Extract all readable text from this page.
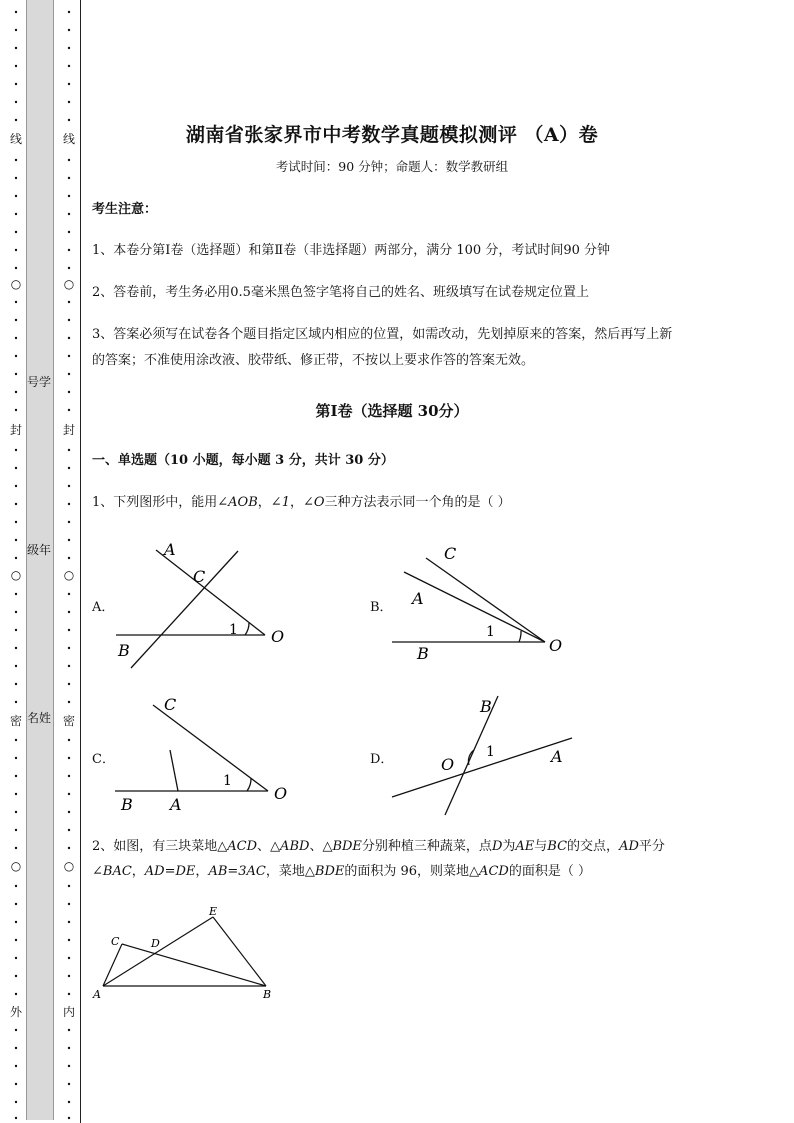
线
○
封
○
密
○
外
号学
级年
名姓
线
○
封
○
密
○
内
湖南省张家界市中考数学真题模拟测评 （A）卷
考试时间：90 分钟；命题人：数学教研组
考生注意：
1、本卷分第Ⅰ卷（选择题）和第Ⅱ卷（非选择题）两部分，满分 100 分，考试时间90 分钟
2、答卷前，考生务必用0.5毫米黑色签字笔将自己的姓名、班级填写在试卷规定位置上
3、答案必须写在试卷各个题目指定区域内相应的位置，如需改动，先划掉原来的答案，然后再写上新
的答案；不准使用涂改液、胶带纸、修正带，不按以上要求作答的答案无效。
第Ⅰ卷（选择题 30分）
一、单选题（10 小题，每小题 3 分，共计 30 分）
1、下列图形中，能用∠AOB，∠1，∠O三种方法表示同一个角的是（ ）
A．
A
C
B
O
1
B．
C
A
B	O
1
C．
C
B A
O
1
D．
B
O	A
1
2、如图，有三块菜地△ACD、△ABD、△BDE分别种植三种蔬菜，点D为AE与BC的交点，AD平分
∠BAC，AD=DE，AB=3AC，菜地△BDE的面积为 96，则菜地△ACD的面积是（ ）
A	B
C	D
E
